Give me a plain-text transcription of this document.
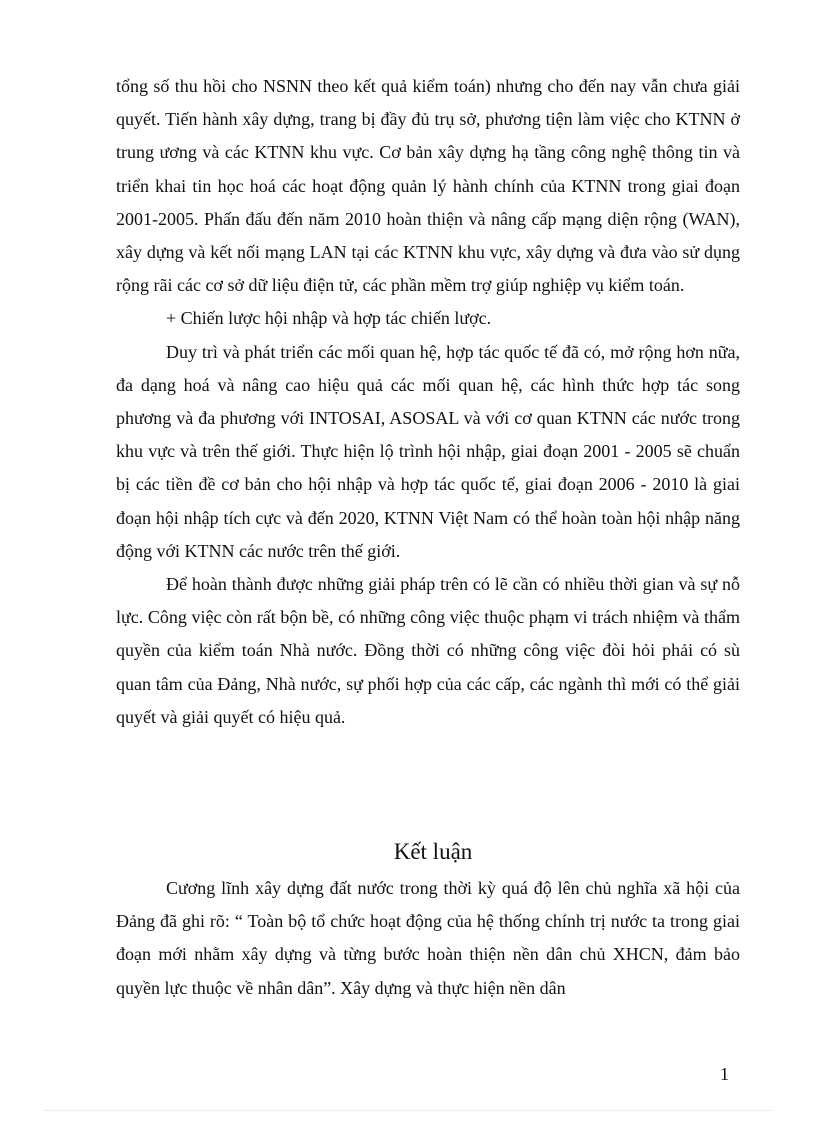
tổng số thu hồi cho NSNN theo kết quả kiểm toán) nhưng cho đến nay vẫn chưa giải quyết. Tiến hành xây dựng, trang bị đầy đủ trụ sở, phương tiện làm việc cho KTNN ở trung ương và các KTNN khu vực. Cơ bản xây dựng hạ tầng công nghệ thông tin và triển khai tin học hoá các hoạt động quản lý hành chính của KTNN trong giai đoạn 2001-2005. Phấn đấu đến năm 2010 hoàn thiện và nâng cấp mạng diện rộng (WAN), xây dựng và kết nối mạng LAN tại các KTNN khu vực, xây dựng và đưa vào sử dụng rộng rãi các cơ sở dữ liệu điện tử, các phần mềm trợ giúp nghiệp vụ kiểm toán.

+ Chiến lược hội nhập và hợp tác chiến lược.

Duy trì và phát triển các mối quan hệ, hợp tác quốc tế đã có, mở rộng hơn nữa, đa dạng hoá và nâng cao hiệu quả các mối quan hệ, các hình thức hợp tác song phương và đa phương với INTOSAI, ASOSAL và với cơ quan KTNN các nước trong khu vực và trên thế giới. Thực hiện lộ trình hội nhập, giai đoạn 2001 - 2005 sẽ chuẩn bị các tiền đề cơ bản cho hội nhập và hợp tác quốc tế, giai đoạn 2006 - 2010 là giai đoạn hội nhập tích cực và đến 2020, KTNN Việt Nam có thể hoàn toàn hội nhập năng động với KTNN các nước trên thế giới.

Để hoàn thành được những giải pháp trên có lẽ cần có nhiều thời gian và sự nỗ lực. Công việc còn rất bộn bề, có những công việc thuộc phạm vi trách nhiệm và thẩm quyền của kiểm toán Nhà nước. Đồng thời có những công việc đòi hỏi phải có sù quan tâm của Đảng, Nhà nước, sự phối hợp của các cấp, các ngành thì mới có thể giải quyết và giải quyết có hiệu quả.

Kết luận

Cương lĩnh xây dựng đất nước trong thời kỳ quá độ lên chủ nghĩa xã hội của Đảng đã ghi rõ: “ Toàn bộ tổ chức hoạt động của hệ thống chính trị nước ta trong giai đoạn mới nhằm xây dựng và từng bước hoàn thiện nền dân chủ XHCN, đảm bảo quyền lực thuộc về nhân dân”. Xây dựng và thực hiện nền dân

1
